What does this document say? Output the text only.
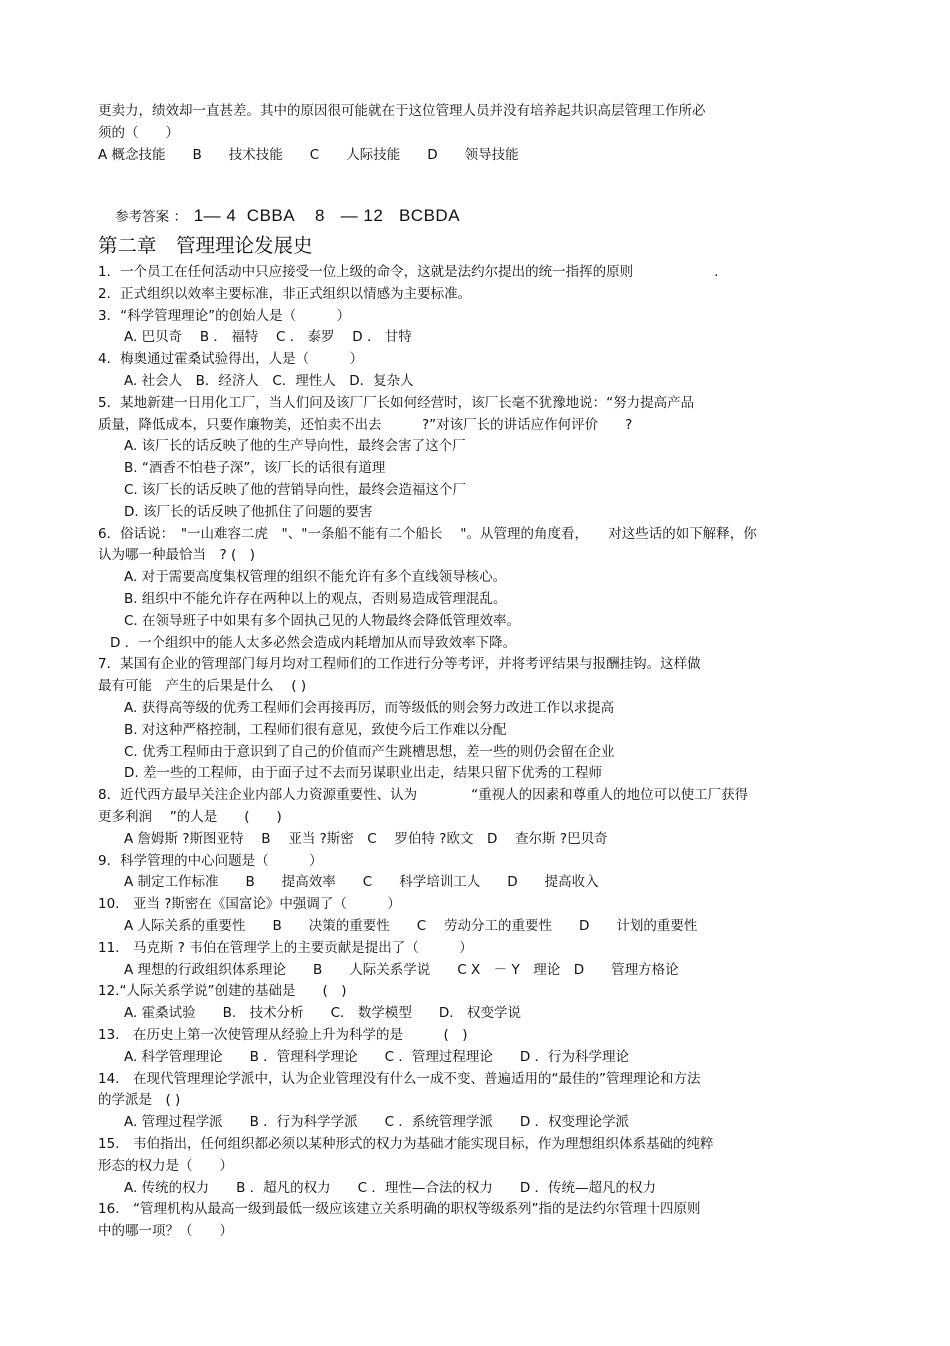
更卖力，绩效却一直甚差。其中的原因很可能就在于这位管理人员并没有培养起共识高层管理工作所必
须的（　　）
A 概念技能　　B　　技术技能　　C　　人际技能　　D　　领导技能

参考答案 ：　 1— 4  CBBA    8   — 12   BCBDA

第二章　管理理论发展史
1．一个员工在任何活动中只应接受一位上级的命令，这就是法约尔提出的统一指挥的原则　　　　　　.
2．正式组织以效率主要标准，非正式组织以情感为主要标准。
3．“科学管理理论”的创始人是（　　　）
A. 巴贝奇　 B ． 福特　 C ． 泰罗　 D ． 甘特
4．梅奥通过霍桑试验得出，人是（　　　）
A. 社会人　B．经济人　C．理性人　D．复杂人
5．某地新建一日用化工厂，当人们问及该厂厂长如何经营时，该厂长毫不犹豫地说：“努力提高产品
质量，降低成本，只要作廉物美，还怕卖不出去　　　?”对该厂长的讲话应作何评价　　?
A. 该厂长的话反映了他的生产导向性，最终会害了这个厂
B. “酒香不怕巷子深”，该厂长的话很有道理
C. 该厂长的话反映了他的营销导向性，最终会造福这个厂
D. 该厂长的话反映了他抓住了问题的要害
6．俗话说：　"一山难容二虎　"、"一条船不能有二个船长　 "。从管理的角度看，　　对这些话的如下解释，你
认为哪一种最恰当　? (　)
A. 对于需要高度集权管理的组织不能允许有多个直线领导核心。
B. 组织中不能允许存在两种以上的观点，否则易造成管理混乱。
C. 在领导班子中如果有多个固执己见的人物最终会降低管理效率。
D ．一个组织中的能人太多必然会造成内耗增加从而导致效率下降。
7．某国有企业的管理部门每月均对工程师们的工作进行分等考评，并将考评结果与报酬挂钩。这样做
最有可能　产生的后果是什么　 ( )
A. 获得高等级的优秀工程师们会再接再厉，而等级低的则会努力改进工作以求提高
B. 对这种严格控制，工程师们很有意见，致使今后工作难以分配
C. 优秀工程师由于意识到了自己的价值而产生跳槽思想，差一些的则仍会留在企业
D. 差一些的工程师，由于面子过不去而另谋职业出走，结果只留下优秀的工程师
8．近代西方最早关注企业内部人力资源重要性、认为　　　　“重视人的因素和尊重人的地位可以使工厂获得
更多利润　 ”的人是　　(　　)
A 詹姆斯 ?斯图亚特　 B　 亚当 ?斯密　C　 罗伯特 ?欧文　D　 查尔斯 ?巴贝奇
9．科学管理的中心问题是（　　　）
A 制定工作标准　　B　　提高效率　　C　　科学培训工人　　D　　提高收入
10.　亚当 ?斯密在《国富论》中强调了（　　　）
A 人际关系的重要性　　B　　决策的重要性　　C　 劳动分工的重要性　　D　　计划的重要性
11.　马克斯 ? 韦伯在管理学上的主要贡献是提出了（　　　）
A 理想的行政组织体系理论　　B　　人际关系学说　　C X　－ Y　理论　D　　管理方格论
12.“人际关系学说”创建的基础是　　(　)
A. 霍桑试验　　B.　技术分析　　C.　数学模型　　D.　权变学说
13.　在历史上第一次使管理从经验上升为科学的是　　　(　)
A. 科学管理理论　　B ．管理科学理论　　C ．管理过程理论　　D ．行为科学理论
14.　在现代管理理论学派中，认为企业管理没有什么一成不变、普遍适用的“最佳的”管理理论和方法
的学派是　( )
A. 管理过程学派　　B ．行为科学学派　　C ．系统管理学派　　D ．权变理论学派
15.　韦伯指出，任何组织都必须以某种形式的权力为基础才能实现目标，作为理想组织体系基础的纯粹
形态的权力是（　　）
A. 传统的权力　　B ．超凡的权力　　C ．理性—合法的权力　　D ．传统—超凡的权力
16.　“管理机构从最高一级到最低一级应该建立关系明确的职权等级系列”指的是法约尔管理十四原则
中的哪一项？（　　）
